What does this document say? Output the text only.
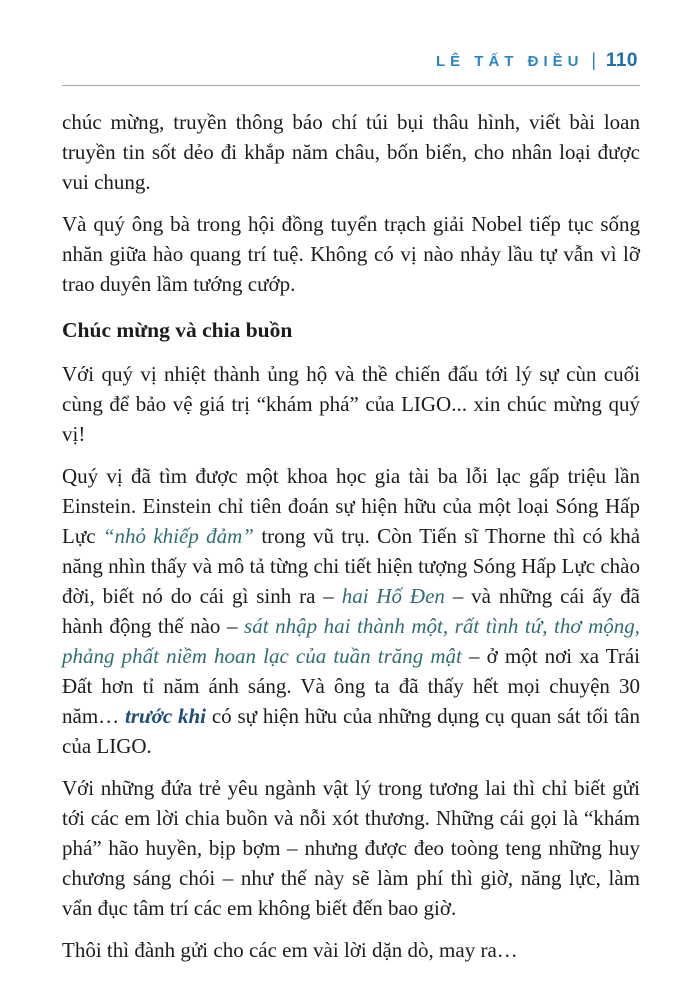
LÊ TẤT ĐIỀU | 110

chúc mừng, truyền thông báo chí túi bụi thâu hình, viết bài loan truyền tin sốt dẻo đi khắp năm châu, bốn biển, cho nhân loại được vui chung.

Và quý ông bà trong hội đồng tuyển trạch giải Nobel tiếp tục sống nhăn giữa hào quang trí tuệ. Không có vị nào nhảy lầu tự vẫn vì lỡ trao duyên lầm tướng cướp.

Chúc mừng và chia buồn

Với quý vị nhiệt thành ủng hộ và thề chiến đấu tới lý sự cùn cuối cùng để bảo vệ giá trị “khám phá” của LIGO... xin chúc mừng quý vị!

Quý vị đã tìm được một khoa học gia tài ba lỗi lạc gấp triệu lần Einstein. Einstein chỉ tiên đoán sự hiện hữu của một loại Sóng Hấp Lực “nhỏ khiếp đảm” trong vũ trụ. Còn Tiến sĩ Thorne thì có khả năng nhìn thấy và mô tả từng chi tiết hiện tượng Sóng Hấp Lực chào đời, biết nó do cái gì sinh ra – hai Hố Đen – và những cái ấy đã hành động thế nào – sát nhập hai thành một, rất tình tứ, thơ mộng, phảng phất niềm hoan lạc của tuần trăng mật – ở một nơi xa Trái Đất hơn tỉ năm ánh sáng. Và ông ta đã thấy hết mọi chuyện 30 năm… trước khi có sự hiện hữu của những dụng cụ quan sát tối tân của LIGO.

Với những đứa trẻ yêu ngành vật lý trong tương lai thì chỉ biết gửi tới các em lời chia buồn và nỗi xót thương. Những cái gọi là “khám phá” hão huyền, bịp bợm – nhưng được đeo toòng teng những huy chương sáng chói – như thế này sẽ làm phí thì giờ, năng lực, làm vẩn đục tâm trí các em không biết đến bao giờ.

Thôi thì đành gửi cho các em vài lời dặn dò, may ra…
